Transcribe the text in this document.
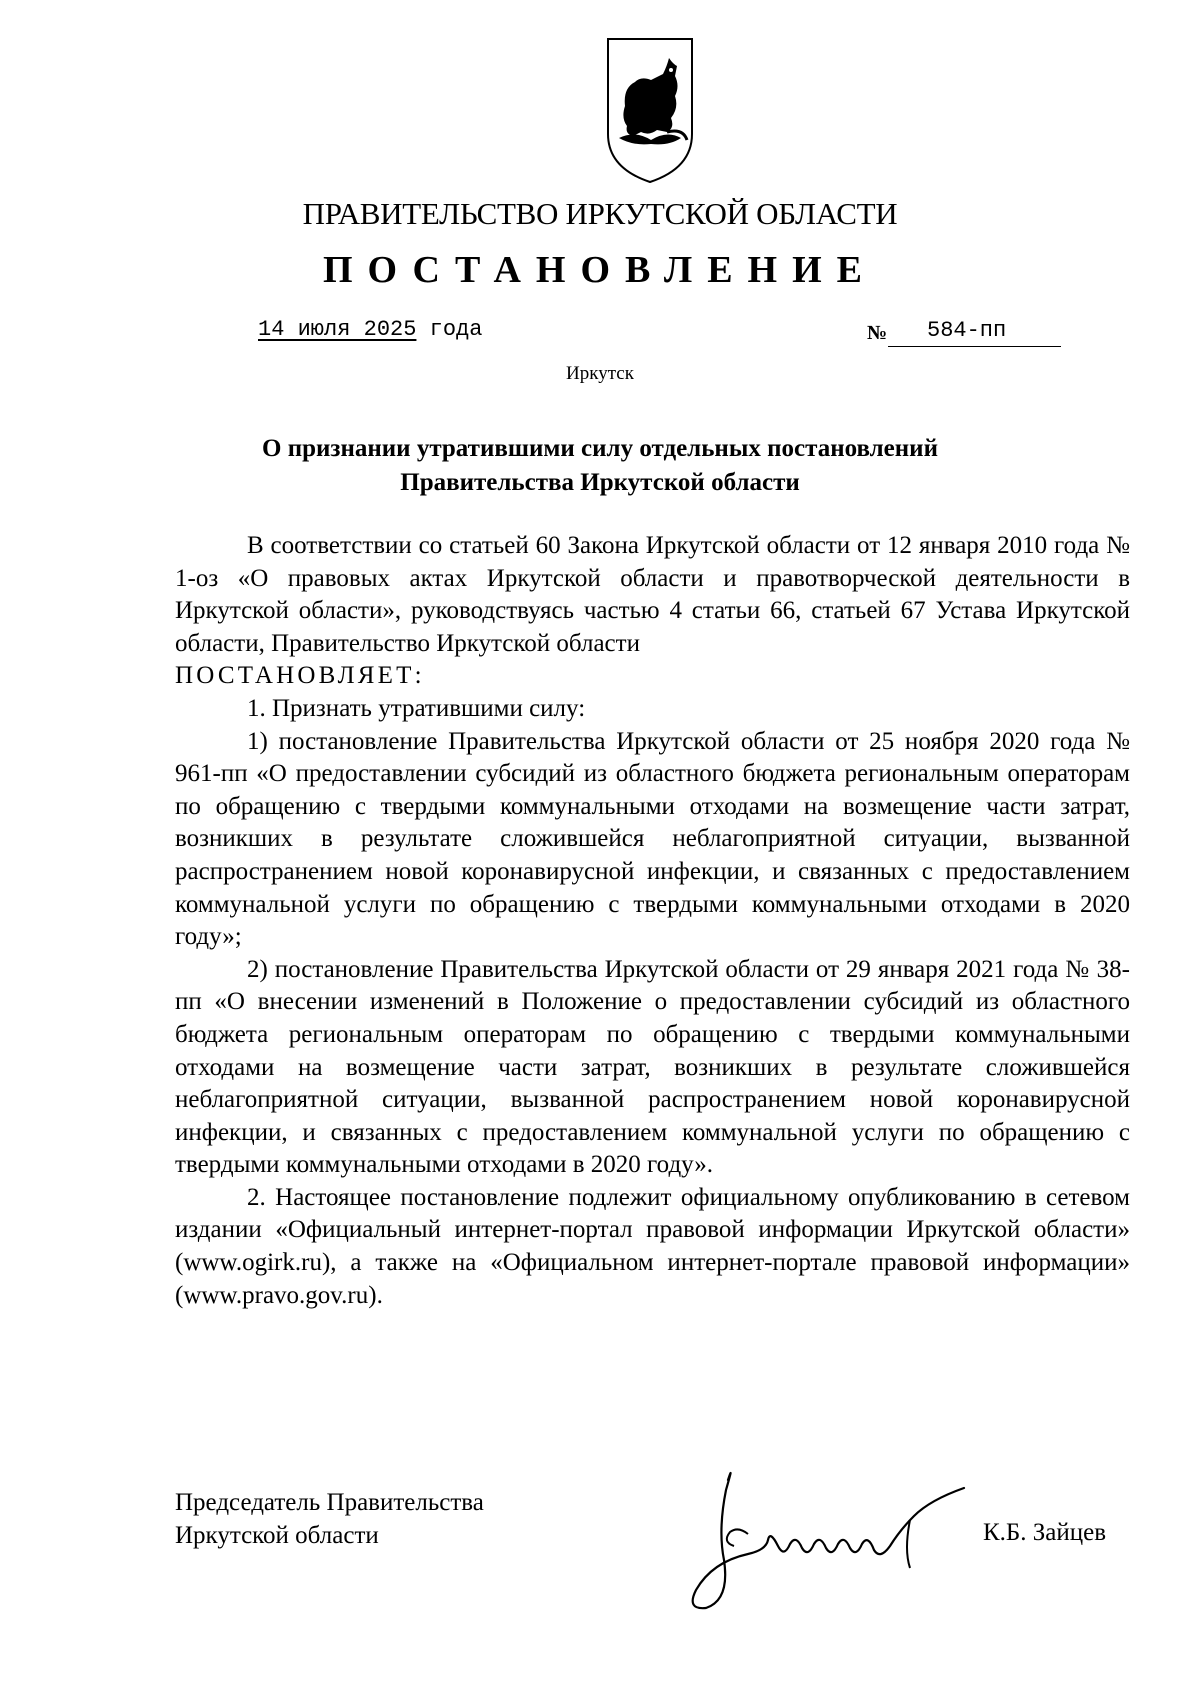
ПРАВИТЕЛЬСТВО ИРКУТСКОЙ ОБЛАСТИ
ПОСТАНОВЛЕНИЕ
14 июля 2025 года	№ 584-пп
Иркутск
О признании утратившими силу отдельных постановлений
Правительства Иркутской области

В соответствии со статьей 60 Закона Иркутской области от 12 января 2010 года № 1-оз «О правовых актах Иркутской области и правотворческой деятельности в Иркутской области», руководствуясь частью 4 статьи 66, статьей 67 Устава Иркутской области, Правительство Иркутской области

ПОСТАНОВЛЯЕТ:

1. Признать утратившими силу:

1) постановление Правительства Иркутской области от 25 ноября 2020 года № 961-пп «О предоставлении субсидий из областного бюджета региональным операторам по обращению с твердыми коммунальными отходами на возмещение части затрат, возникших в результате сложившейся неблагоприятной ситуации, вызванной распространением новой коронавирусной инфекции, и связанных с предоставлением коммунальной услуги по обращению с твердыми коммунальными отходами в 2020 году»;

2) постановление Правительства Иркутской области от 29 января 2021 года № 38-пп «О внесении изменений в Положение о предоставлении субсидий из областного бюджета региональным операторам по обращению с твердыми коммунальными отходами на возмещение части затрат, возникших в результате сложившейся неблагоприятной ситуации, вызванной распространением новой коронавирусной инфекции, и связанных с предоставлением коммунальной услуги по обращению с твердыми коммунальными отходами в 2020 году».

2. Настоящее постановление подлежит официальному опубликованию в сетевом издании «Официальный интернет-портал правовой информации Иркутской области» (www.ogirk.ru), а также на «Официальном интернет-портале правовой информации» (www.pravo.gov.ru).

Председатель Правительства
Иркутской области	К.Б. Зайцев
